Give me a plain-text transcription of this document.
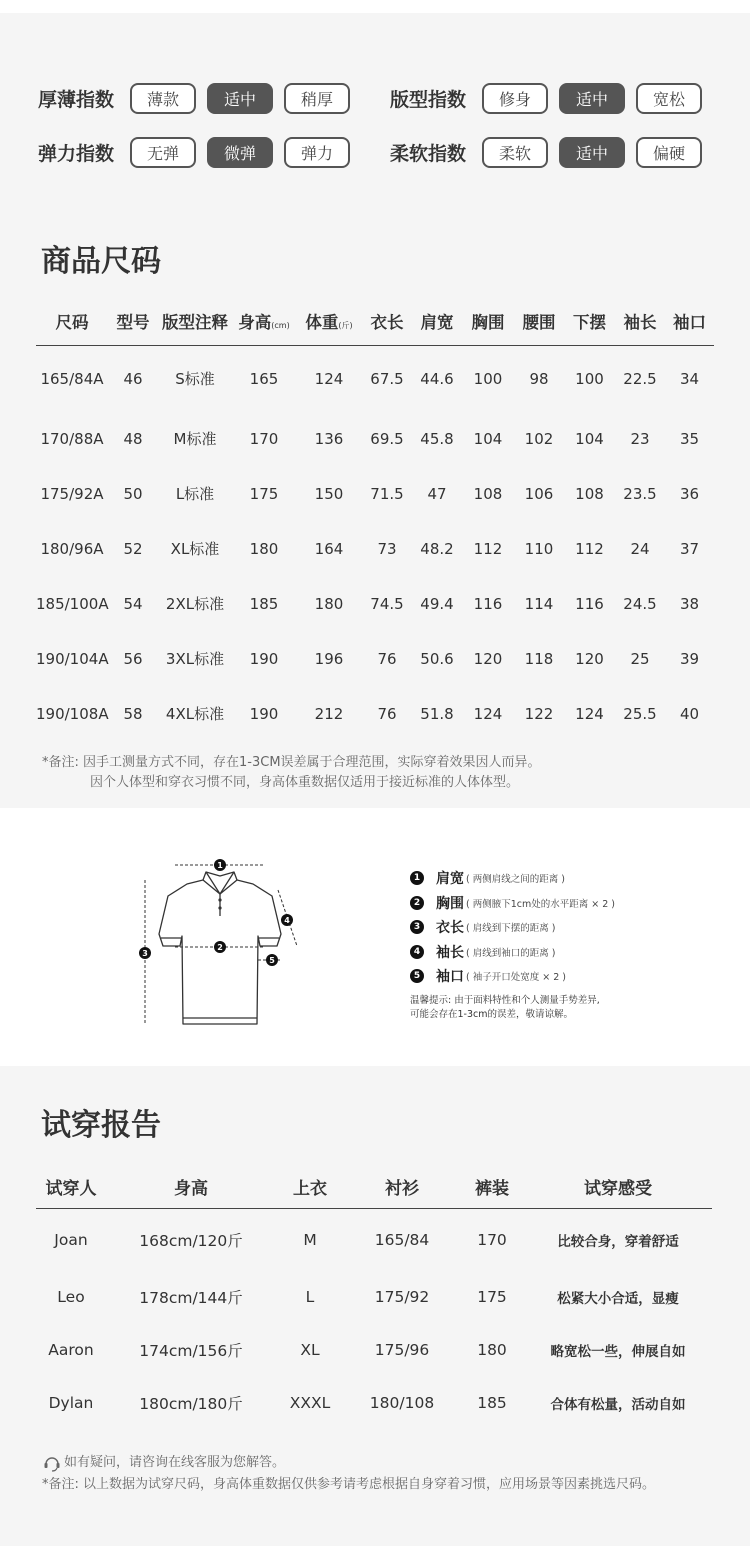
厚薄指数	薄款	适中	稍厚	版型指数	修身	适中	宽松
弹力指数	无弹	微弹	弹力	柔软指数	柔软	适中	偏硬
商品尺码
尺码	型号	版型注释	身高(cm)	体重(斤)	衣长	肩宽	胸围	腰围	下摆	袖长	袖口
165/84A	46	S标准	165	124	67.5	44.6	100	98	100	22.5	34
170/88A	48	M标准	170	136	69.5	45.8	104	102	104	23	35
175/92A	50	L标准	175	150	71.5	47	108	106	108	23.5	36
180/96A	52	XL标准	180	164	73	48.2	112	110	112	24	37
185/100A	54	2XL标准	185	180	74.5	49.4	116	114	116	24.5	38
190/104A	56	3XL标准	190	196	76	50.6	120	118	120	25	39
190/108A	58	4XL标准	190	212	76	51.8	124	122	124	25.5	40
*备注: 因手工测量方式不同，存在1-3CM误差属于合理范围，实际穿着效果因人而异。
因个人体型和穿衣习惯不同，身高体重数据仅适用于接近标准的人体体型。
1
3
2
4
5
1 肩宽 ( 两侧肩线之间的距离 )
2 胸围 ( 两侧腋下1cm处的水平距离 × 2 )
3 衣长 ( 肩线到下摆的距离 )
4 袖长 ( 肩线到袖口的距离 )
5 袖口 ( 袖子开口处宽度 × 2 )
温馨提示: 由于面料特性和个人测量手势差异,
可能会存在1-3cm的误差，敬请谅解。
试穿报告
试穿人	身高	上衣	衬衫	裤装	试穿感受
Joan	168cm/120斤	M	165/84	170	比较合身，穿着舒适
Leo	178cm/144斤	L	175/92	175	松紧大小合适，显瘦
Aaron	174cm/156斤	XL	175/96	180	略宽松一些，伸展自如
Dylan	180cm/180斤	XXXL	180/108	185	合体有松量，活动自如
如有疑问，请咨询在线客服为您解答。
*备注: 以上数据为试穿尺码，身高体重数据仅供参考请考虑根据自身穿着习惯，应用场景等因素挑选尺码。
